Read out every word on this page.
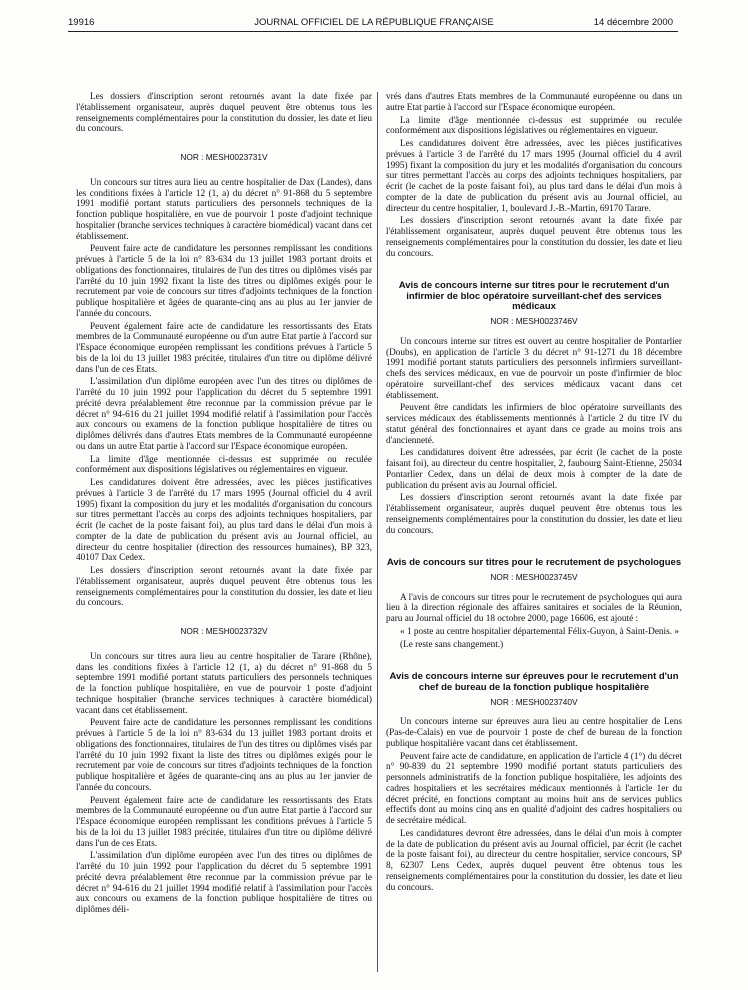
19916	JOURNAL OFFICIEL DE LA RÉPUBLIQUE FRANÇAISE	14 décembre 2000

Les dossiers d'inscription seront retournés avant la date fixée par l'établissement organisateur, auprès duquel peuvent être obtenus tous les renseignements complémentaires pour la constitution du dossier, les date et lieu du concours.

NOR : MESH0023731V

Un concours sur titres aura lieu au centre hospitalier de Dax (Landes), dans les conditions fixées à l'article 12 (1, a) du décret n° 91-868 du 5 septembre 1991 modifié portant statuts particuliers des personnels techniques de la fonction publique hospitalière, en vue de pourvoir 1 poste d'adjoint technique hospitalier (branche services techniques à caractère biomédical) vacant dans cet établissement.

Peuvent faire acte de candidature les personnes remplissant les conditions prévues à l'article 5 de la loi n° 83-634 du 13 juillet 1983 portant droits et obligations des fonctionnaires, titulaires de l'un des titres ou diplômes visés par l'arrêté du 10 juin 1992 fixant la liste des titres ou diplômes exigés pour le recrutement par voie de concours sur titres d'adjoints techniques de la fonction publique hospitalière et âgées de quarante-cinq ans au plus au 1er janvier de l'année du concours.

Peuvent également faire acte de candidature les ressortissants des Etats membres de la Communauté européenne ou d'un autre Etat partie à l'accord sur l'Espace économique européen remplissant les conditions prévues à l'article 5 bis de la loi du 13 juillet 1983 précitée, titulaires d'un titre ou diplôme délivré dans l'un de ces Etats.

L'assimilation d'un diplôme européen avec l'un des titres ou diplômes de l'arrêté du 10 juin 1992 pour l'application du décret du 5 septembre 1991 précité devra préalablement être reconnue par la commission prévue par le décret n° 94-616 du 21 juillet 1994 modifié relatif à l'assimilation pour l'accès aux concours ou examens de la fonction publique hospitalière de titres ou diplômes délivrés dans d'autres Etats membres de la Communauté européenne ou dans un autre Etat partie à l'accord sur l'Espace économique européen.

La limite d'âge mentionnée ci-dessus est supprimée ou reculée conformément aux dispositions législatives ou réglementaires en vigueur.

Les candidatures doivent être adressées, avec les pièces justificatives prévues à l'article 3 de l'arrêté du 17 mars 1995 (Journal officiel du 4 avril 1995) fixant la composition du jury et les modalités d'organisation du concours sur titres permettant l'accès au corps des adjoints techniques hospitaliers, par écrit (le cachet de la poste faisant foi), au plus tard dans le délai d'un mois à compter de la date de publication du présent avis au Journal officiel, au directeur du centre hospitalier (direction des ressources humaines), BP 323, 40107 Dax Cedex.

Les dossiers d'inscription seront retournés avant la date fixée par l'établissement organisateur, auprès duquel peuvent être obtenus tous les renseignements complémentaires pour la constitution du dossier, les date et lieu du concours.

NOR : MESH0023732V

Un concours sur titres aura lieu au centre hospitalier de Tarare (Rhône), dans les conditions fixées à l'article 12 (1, a) du décret n° 91-868 du 5 septembre 1991 modifié portant statuts particuliers des personnels techniques de la fonction publique hospitalière, en vue de pourvoir 1 poste d'adjoint technique hospitalier (branche services techniques à caractère biomédical) vacant dans cet établissement.

Peuvent faire acte de candidature les personnes remplissant les conditions prévues à l'article 5 de la loi n° 83-634 du 13 juillet 1983 portant droits et obligations des fonctionnaires, titulaires de l'un des titres ou diplômes visés par l'arrêté du 10 juin 1992 fixant la liste des titres ou diplômes exigés pour le recrutement par voie de concours sur titres d'adjoints techniques de la fonction publique hospitalière et âgées de quarante-cinq ans au plus au 1er janvier de l'année du concours.

Peuvent également faire acte de candidature les ressortissants des Etats membres de la Communauté européenne ou d'un autre Etat partie à l'accord sur l'Espace économique européen remplissant les conditions prévues à l'article 5 bis de la loi du 13 juillet 1983 précitée, titulaires d'un titre ou diplôme délivré dans l'un de ces Etats.

L'assimilation d'un diplôme européen avec l'un des titres ou diplômes de l'arrêté du 10 juin 1992 pour l'application du décret du 5 septembre 1991 précité devra préalablement être reconnue par la commission prévue par le décret n° 94-616 du 21 juillet 1994 modifié relatif à l'assimilation pour l'accès aux concours ou examens de la fonction publique hospitalière de titres ou diplômes déli-

vrés dans d'autres Etats membres de la Communauté européenne ou dans un autre Etat partie à l'accord sur l'Espace économique européen.

La limite d'âge mentionnée ci-dessus est supprimée ou reculée conformément aux dispositions législatives ou réglementaires en vigueur.

Les candidatures doivent être adressées, avec les pièces justificatives prévues à l'article 3 de l'arrêté du 17 mars 1995 (Journal officiel du 4 avril 1995) fixant la composition du jury et les modalités d'organisation du concours sur titres permettant l'accès au corps des adjoints techniques hospitaliers, par écrit (le cachet de la poste faisant foi), au plus tard dans le délai d'un mois à compter de la date de publication du présent avis au Journal officiel, au directeur du centre hospitalier, 1, boulevard J.-B.-Martin, 69170 Tarare.

Les dossiers d'inscription seront retournés avant la date fixée par l'établissement organisateur, auprès duquel peuvent être obtenus tous les renseignements complémentaires pour la constitution du dossier, les date et lieu du concours.

Avis de concours interne sur titres pour le recrutement d'un infirmier de bloc opératoire surveillant-chef des services médicaux

NOR : MESH0023746V

Un concours interne sur titres est ouvert au centre hospitalier de Pontarlier (Doubs), en application de l'article 3 du décret n° 91-1271 du 18 décembre 1991 modifié portant statuts particuliers des personnels infirmiers surveillant-chefs des services médicaux, en vue de pourvoir un poste d'infirmier de bloc opératoire surveillant-chef des services médicaux vacant dans cet établissement.

Peuvent être candidats les infirmiers de bloc opératoire surveillants des services médicaux des établissements mentionnés à l'article 2 du titre IV du statut général des fonctionnaires et ayant dans ce grade au moins trois ans d'ancienneté.

Les candidatures doivent être adressées, par écrit (le cachet de la poste faisant foi), au directeur du centre hospitalier, 2, faubourg Saint-Etienne, 25034 Pontarlier Cedex, dans un délai de deux mois à compter de la date de publication du présent avis au Journal officiel.

Les dossiers d'inscription seront retournés avant la date fixée par l'établissement organisateur, auprès duquel peuvent être obtenus tous les renseignements complémentaires pour la constitution du dossier, les date et lieu du concours.

Avis de concours sur titres pour le recrutement de psychologues

NOR : MESH0023745V

A l'avis de concours sur titres pour le recrutement de psychologues qui aura lieu à la direction régionale des affaires sanitaires et sociales de la Réunion, paru au Journal officiel du 18 octobre 2000, page 16606, est ajouté :

« 1 poste au centre hospitalier départemental Félix-Guyon, à Saint-Denis. »

(Le reste sans changement.)

Avis de concours interne sur épreuves pour le recrutement d'un chef de bureau de la fonction publique hospitalière

NOR : MESH0023740V

Un concours interne sur épreuves aura lieu au centre hospitalier de Lens (Pas-de-Calais) en vue de pourvoir 1 poste de chef de bureau de la fonction publique hospitalière vacant dans cet établissement.

Peuvent faire acte de candidature, en application de l'article 4 (1°) du décret n° 90-839 du 21 septembre 1990 modifié portant statuts particuliers des personnels administratifs de la fonction publique hospitalière, les adjoints des cadres hospitaliers et les secrétaires médicaux mentionnés à l'article 1er du décret précité, en fonctions comptant au moins huit ans de services publics effectifs dont au moins cinq ans en qualité d'adjoint des cadres hospitaliers ou de secrétaire médical.

Les candidatures devront être adressées, dans le délai d'un mois à compter de la date de publication du présent avis au Journal officiel, par écrit (le cachet de la poste faisant foi), au directeur du centre hospitalier, service concours, SP 8, 62307 Lens Cedex, auprès duquel peuvent être obtenus tous les renseignements complémentaires pour la constitution du dossier, les date et lieu du concours.
